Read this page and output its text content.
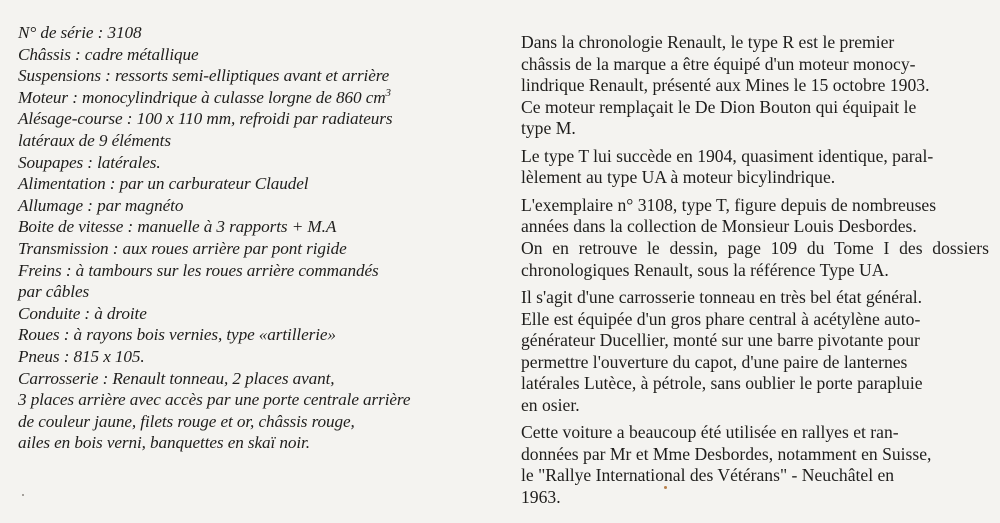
N° de série : 3108
Châssis : cadre métallique
Suspensions : ressorts semi-elliptiques avant et arrière
Moteur : monocylindrique à culasse lorgne de 860 $cm^3$
Alésage-course : 100 x 110 mm, refroidi par radiateurs
latéraux de 9 éléments
Soupapes : latérales.
Alimentation : par un carburateur Claudel
Allumage : par magnéto
Boite de vitesse : manuelle à 3 rapports + M.A
Transmission : aux roues arrière par pont rigide
Freins : à tambours sur les roues arrière commandés
par câbles
Conduite : à droite
Roues : à rayons bois vernies, type «artillerie»
Pneus : 815 x 105.
Carrosserie : Renault tonneau, 2 places avant,
3 places arrière avec accès par une porte centrale arrière
de couleur jaune, filets rouge et or, châssis rouge,
ailes en bois verni, banquettes en skaï noir.
Dans la chronologie Renault, le type R est le premier
châssis de la marque a être équipé d'un moteur monocy-
lindrique Renault, présenté aux Mines le 15 octobre 1903.
Ce moteur remplaçait le De Dion Bouton qui équipait le
type M.
Le type T lui succède en 1904, quasiment identique, paral-
lèlement au type UA à moteur bicylindrique.
L'exemplaire n° 3108, type T, figure depuis de nombreuses
années dans la collection de Monsieur Louis Desbordes.
On en retrouve le dessin, page 109 du Tome I des dossiers
chronologiques Renault, sous la référence Type UA.
Il s'agit d'une carrosserie tonneau en très bel état général.
Elle est équipée d'un gros phare central à acétylène auto-
générateur Ducellier, monté sur une barre pivotante pour
permettre l'ouverture du capot, d'une paire de lanternes
latérales Lutèce, à pétrole, sans oublier le porte parapluie
en osier.
Cette voiture a beaucoup été utilisée en rallyes et ran-
données par Mr et Mme Desbordes, notamment en Suisse,
le "Rallye International des Vétérans" - Neuchâtel en
1963.
